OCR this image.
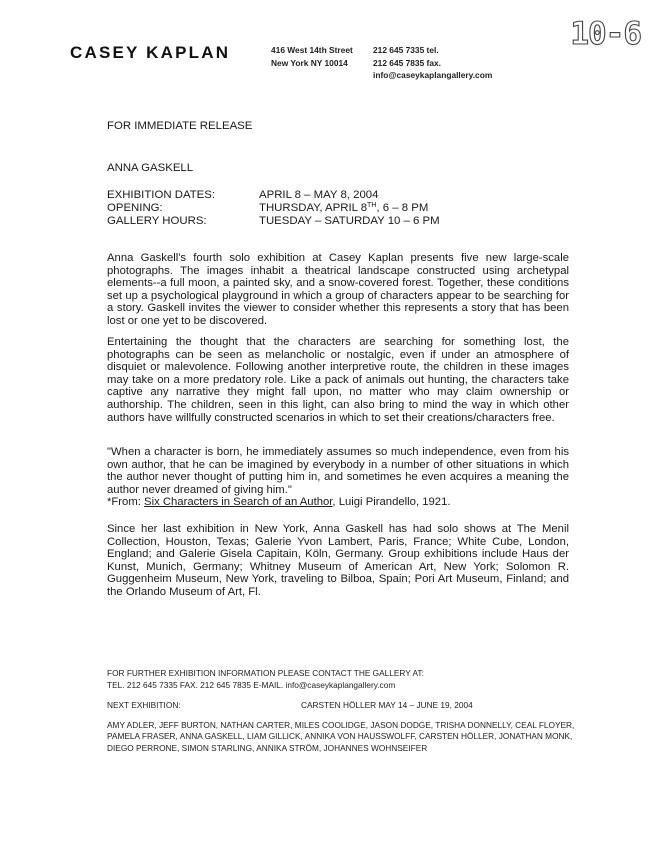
CASEY KAPLAN	416 West 14th Street
New York NY 10014
212 645 7335 tel.
212 645 7835 fax.
info@caseykaplangallery.com
10-6
FOR IMMEDIATE RELEASE
ANNA GASKELL
EXHIBITION DATES:	APRIL 8 – MAY 8, 2004
OPENING:	THURSDAY, APRIL 8TH, 6 – 8 PM
GALLERY HOURS:	TUESDAY – SATURDAY 10 – 6 PM
Anna Gaskell's fourth solo exhibition at Casey Kaplan presents five new large-scale photographs. The images inhabit a theatrical landscape constructed using archetypal elements--a full moon, a painted sky, and a snow-covered forest. Together, these conditions set up a psychological playground in which a group of characters appear to be searching for a story. Gaskell invites the viewer to consider whether this represents a story that has been lost or one yet to be discovered.
Entertaining the thought that the characters are searching for something lost, the photographs can be seen as melancholic or nostalgic, even if under an atmosphere of disquiet or malevolence. Following another interpretive route, the children in these images may take on a more predatory role. Like a pack of animals out hunting, the characters take captive any narrative they might fall upon, no matter who may claim ownership or authorship. The children, seen in this light, can also bring to mind the way in which other authors have willfully constructed scenarios in which to set their creations/characters free.
"When a character is born, he immediately assumes so much independence, even from his own author, that he can be imagined by everybody in a number of other situations in which the author never thought of putting him in, and sometimes he even acquires a meaning the author never dreamed of giving him."
*From: Six Characters in Search of an Author, Luigi Pirandello, 1921.
Since her last exhibition in New York, Anna Gaskell has had solo shows at The Menil Collection, Houston, Texas; Galerie Yvon Lambert, Paris, France; White Cube, London, England; and Galerie Gisela Capitain, Köln, Germany. Group exhibitions include Haus der Kunst, Munich, Germany; Whitney Museum of American Art, New York; Solomon R. Guggenheim Museum, New York, traveling to Bilboa, Spain; Pori Art Museum, Finland; and the Orlando Museum of Art, Fl.
FOR FURTHER EXHIBITION INFORMATION PLEASE CONTACT THE GALLERY AT:
TEL. 212 645 7335 FAX. 212 645 7835 E-MAIL. info@caseykaplangallery.com
NEXT EXHIBITION:	CARSTEN HÖLLER MAY 14 – JUNE 19, 2004
AMY ADLER, JEFF BURTON, NATHAN CARTER, MILES COOLIDGE, JASON DODGE, TRISHA DONNELLY, CEAL FLOYER,
PAMELA FRASER, ANNA GASKELL, LIAM GILLICK, ANNIKA VON HAUSSWOLFF, CARSTEN HÖLLER, JONATHAN MONK,
DIEGO PERRONE, SIMON STARLING, ANNIKA STRÖM, JOHANNES WOHNSEIFER
